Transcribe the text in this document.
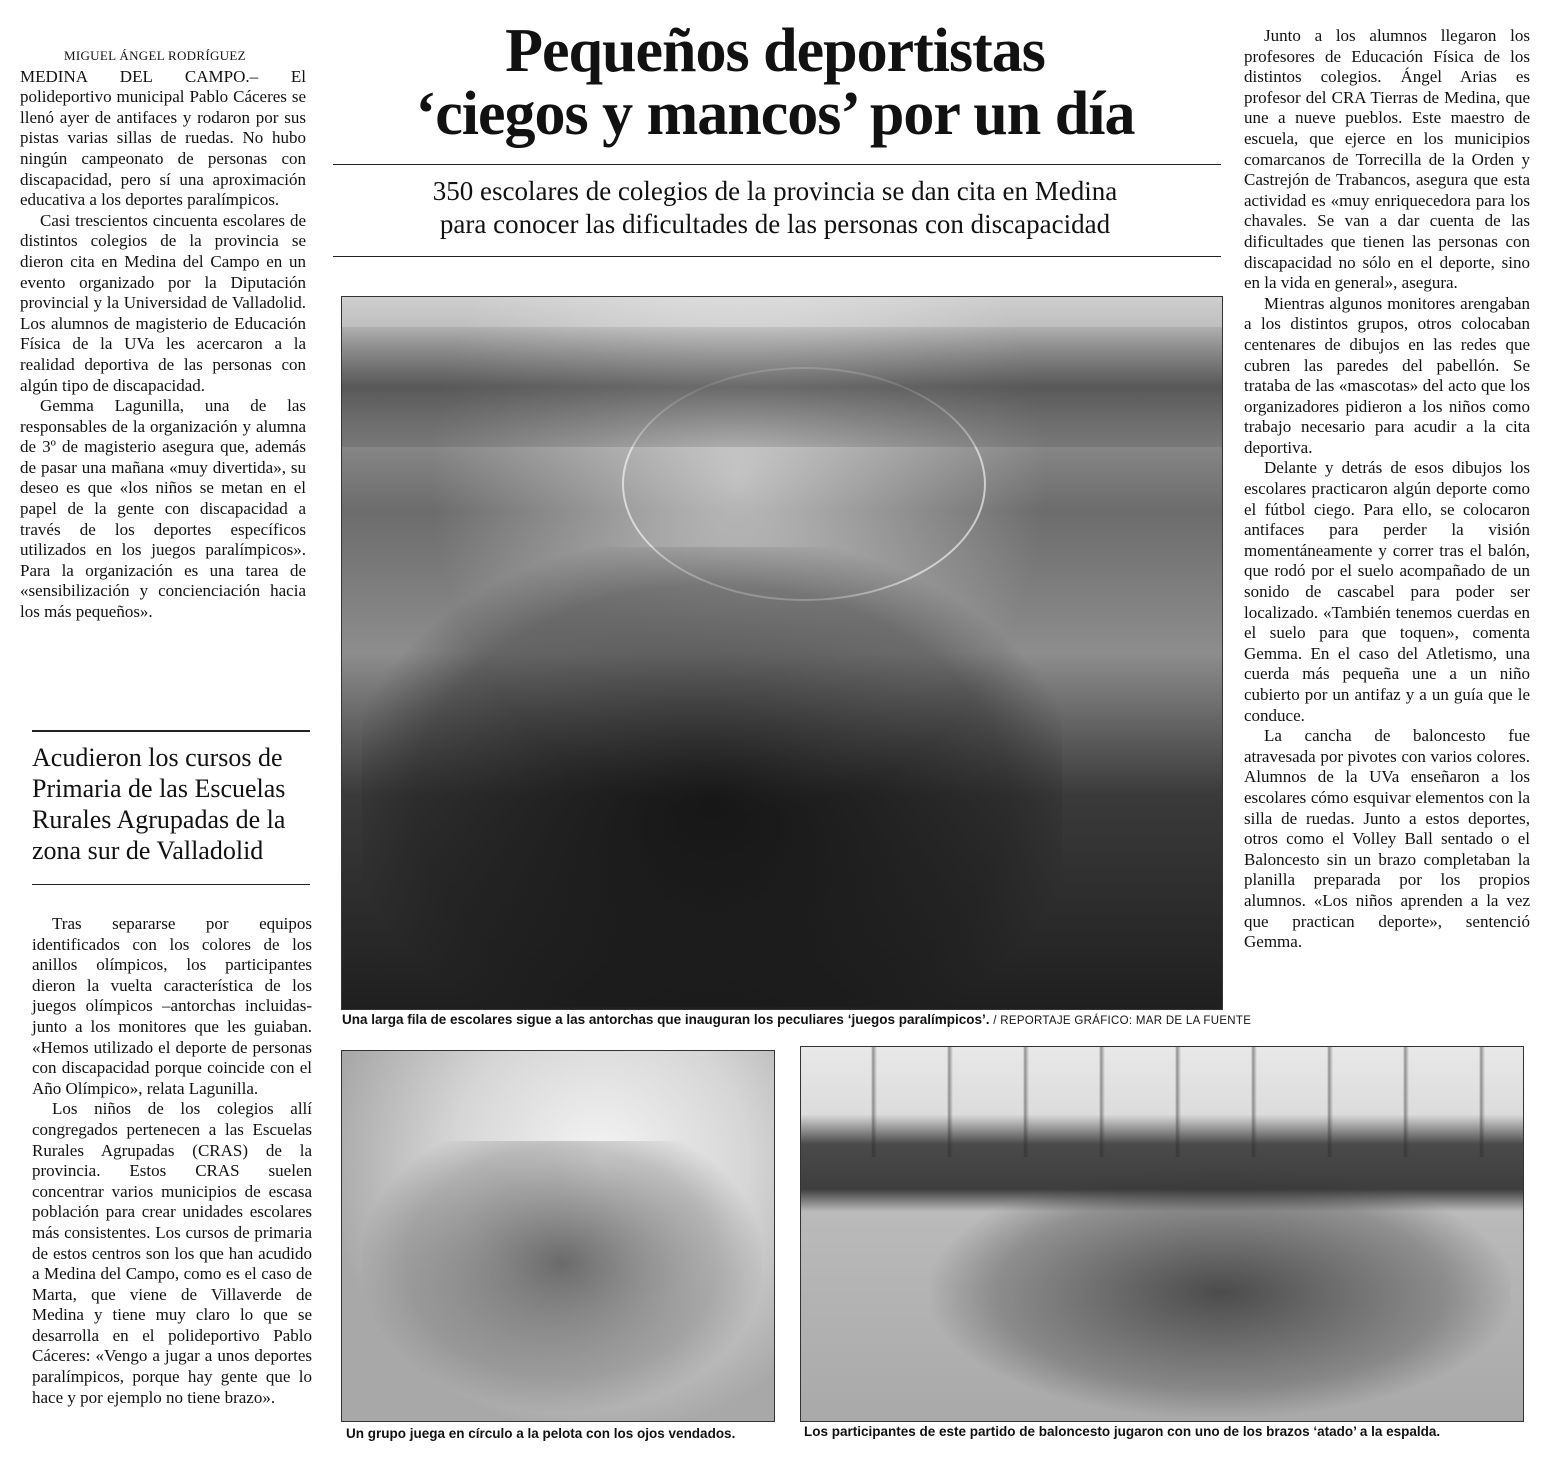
MIGUEL ÁNGEL RODRÍGUEZ

MEDINA DEL CAMPO.– El polideportivo municipal Pablo Cáceres se llenó ayer de antifaces y rodaron por sus pistas varias sillas de ruedas. No hubo ningún campeonato de personas con discapacidad, pero sí una aproximación educativa a los deportes paralímpicos.

Casi trescientos cincuenta escolares de distintos colegios de la provincia se dieron cita en Medina del Campo en un evento organizado por la Diputación provincial y la Universidad de Valladolid. Los alumnos de magisterio de Educación Física de la UVa les acercaron a la realidad deportiva de las personas con algún tipo de discapacidad.

Gemma Lagunilla, una de las responsables de la organización y alumna de 3º de magisterio asegura que, además de pasar una mañana «muy divertida», su deseo es que «los niños se metan en el papel de la gente con discapacidad a través de los deportes específicos utilizados en los juegos paralímpicos». Para la organización es una tarea de «sensibilización y concienciación hacia los más pequeños».

Acudieron los cursos de Primaria de las Escuelas Rurales Agrupadas de la zona sur de Valladolid

Tras separarse por equipos identificados con los colores de los anillos olímpicos, los participantes dieron la vuelta característica de los juegos olímpicos –antorchas incluidas- junto a los monitores que les guiaban. «Hemos utilizado el deporte de personas con discapacidad porque coincide con el Año Olímpico», relata Lagunilla.

Los niños de los colegios allí congregados pertenecen a las Escuelas Rurales Agrupadas (CRAS) de la provincia. Estos CRAS suelen concentrar varios municipios de escasa población para crear unidades escolares más consistentes. Los cursos de primaria de estos centros son los que han acudido a Medina del Campo, como es el caso de Marta, que viene de Villaverde de Medina y tiene muy claro lo que se desarrolla en el polideportivo Pablo Cáceres: «Vengo a jugar a unos deportes paralímpicos, porque hay gente que lo hace y por ejemplo no tiene brazo».

Pequeños deportistas
‘ciegos y mancos’ por un día
350 escolares de colegios de la provincia se dan cita en Medina
para conocer las dificultades de las personas con discapacidad
Una larga fila de escolares sigue a las antorchas que inauguran los peculiares ‘juegos paralímpicos’. / REPORTAJE GRÁFICO: MAR DE LA FUENTE

Junto a los alumnos llegaron los profesores de Educación Física de los distintos colegios. Ángel Arias es profesor del CRA Tierras de Medina, que une a nueve pueblos. Este maestro de escuela, que ejerce en los municipios comarcanos de Torrecilla de la Orden y Castrejón de Trabancos, asegura que esta actividad es «muy enriquecedora para los chavales. Se van a dar cuenta de las dificultades que tienen las personas con discapacidad no sólo en el deporte, sino en la vida en general», asegura.

Mientras algunos monitores arengaban a los distintos grupos, otros colocaban centenares de dibujos en las redes que cubren las paredes del pabellón. Se trataba de las «mascotas» del acto que los organizadores pidieron a los niños como trabajo necesario para acudir a la cita deportiva.

Delante y detrás de esos dibujos los escolares practicaron algún deporte como el fútbol ciego. Para ello, se colocaron antifaces para perder la visión momentáneamente y correr tras el balón, que rodó por el suelo acompañado de un sonido de cascabel para poder ser localizado. «También tenemos cuerdas en el suelo para que toquen», comenta Gemma. En el caso del Atletismo, una cuerda más pequeña une a un niño cubierto por un antifaz y a un guía que le conduce.

La cancha de baloncesto fue atravesada por pivotes con varios colores. Alumnos de la UVa enseñaron a los escolares cómo esquivar elementos con la silla de ruedas. Junto a estos deportes, otros como el Volley Ball sentado o el Baloncesto sin un brazo completaban la planilla preparada por los propios alumnos. «Los niños aprenden a la vez que practican deporte», sentenció Gemma.

Un grupo juega en círculo a la pelota con los ojos vendados.	Los participantes de este partido de baloncesto jugaron con uno de los brazos ‘atado’ a la espalda.
